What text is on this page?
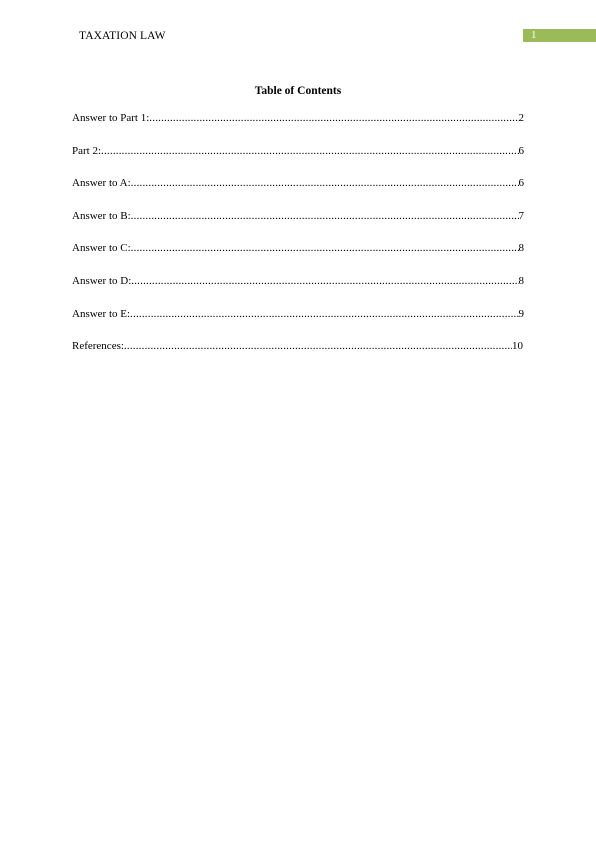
TAXATION LAW	1
Table of Contents
Answer to Part 1: .....	2
Part 2: .....	6
Answer to A: .....	6
Answer to B: .....	7
Answer to C: .....	8
Answer to D: .....	8
Answer to E: .....	9
References: .....	10
